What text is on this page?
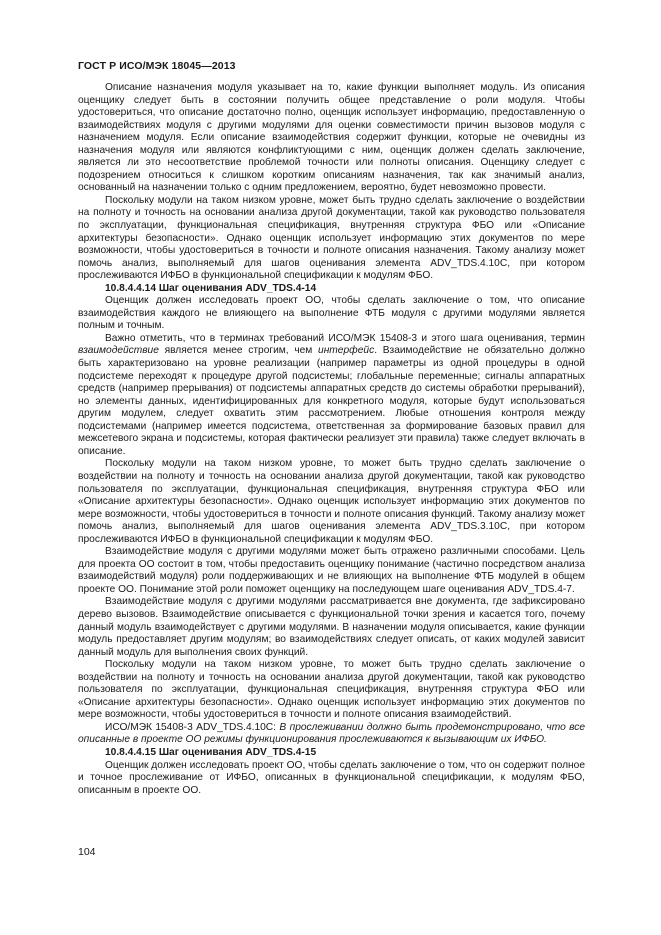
ГОСТ Р ИСО/МЭК 18045—2013

Описание назначения модуля указывает на то, какие функции выполняет модуль. Из описания оценщику следует быть в состоянии получить общее представление о роли модуля. Чтобы удостовериться, что описание достаточно полно, оценщик использует информацию, предоставленную о взаимодействиях модуля с другими модулями для оценки совместимости причин вызовов модуля с назначением модуля. Если описание взаимодействия содержит функции, которые не очевидны из назначения модуля или являются конфликтующими с ним, оценщик должен сделать заключение, является ли это несоответствие проблемой точности или полноты описания. Оценщику следует с подозрением относиться к слишком коротким описаниям назначения, так как значимый анализ, основанный на назначении только с одним предложением, вероятно, будет невозможно провести.

Поскольку модули на таком низком уровне, может быть трудно сделать заключение о воздействии на полноту и точность на основании анализа другой документации, такой как руководство пользователя по эксплуатации, функциональная спецификация, внутренняя структура ФБО или «Описание архитектуры безопасности». Однако оценщик использует информацию этих документов по мере возможности, чтобы удостовериться в точности и полноте описания назначения. Такому анализу может помочь анализ, выполняемый для шагов оценивания элемента ADV_TDS.4.10C, при котором прослеживаются ИФБО в функциональной спецификации к модулям ФБО.

10.8.4.4.14 Шаг оценивания ADV_TDS.4-14

Оценщик должен исследовать проект ОО, чтобы сделать заключение о том, что описание взаимодействия каждого не влияющего на выполнение ФТБ модуля с другими модулями является полным и точным.

Важно отметить, что в терминах требований ИСО/МЭК 15408-3 и этого шага оценивания, термин взаимодействие является менее строгим, чем интерфейс. Взаимодействие не обязательно должно быть характеризовано на уровне реализации (например параметры из одной процедуры в одной подсистеме переходят к процедуре другой подсистемы; глобальные переменные; сигналы аппаратных средств (например прерывания) от подсистемы аппаратных средств до системы обработки прерываний), но элементы данных, идентифицированных для конкретного модуля, которые будут использоваться другим модулем, следует охватить этим рассмотрением. Любые отношения контроля между подсистемами (например имеется подсистема, ответственная за формирование базовых правил для межсетевого экрана и подсистемы, которая фактически реализует эти правила) также следует включать в описание.

Поскольку модули на таком низком уровне, то может быть трудно сделать заключение о воздействии на полноту и точность на основании анализа другой документации, такой как руководство пользователя по эксплуатации, функциональная спецификация, внутренняя структура ФБО или «Описание архитектуры безопасности». Однако оценщик использует информацию этих документов по мере возможности, чтобы удостовериться в точности и полноте описания функций. Такому анализу может помочь анализ, выполняемый для шагов оценивания элемента ADV_TDS.3.10C, при котором прослеживаются ИФБО в функциональной спецификации к модулям ФБО.

Взаимодействие модуля с другими модулями может быть отражено различными способами. Цель для проекта ОО состоит в том, чтобы предоставить оценщику понимание (частично посредством анализа взаимодействий модуля) роли поддерживающих и не влияющих на выполнение ФТБ модулей в общем проекте ОО. Понимание этой роли поможет оценщику на последующем шаге оценивания ADV_TDS.4-7.

Взаимодействие модуля с другими модулями рассматривается вне документа, где зафиксировано дерево вызовов. Взаимодействие описывается с функциональной точки зрения и касается того, почему данный модуль взаимодействует с другими модулями. В назначении модуля описывается, какие функции модуль предоставляет другим модулям; во взаимодействиях следует описать, от каких модулей зависит данный модуль для выполнения своих функций.

Поскольку модули на таком низком уровне, то может быть трудно сделать заключение о воздействии на полноту и точность на основании анализа другой документации, такой как руководство пользователя по эксплуатации, функциональная спецификация, внутренняя структура ФБО или «Описание архитектуры безопасности». Однако оценщик использует информацию этих документов по мере возможности, чтобы удостовериться в точности и полноте описания взаимодействий.

ИСО/МЭК 15408-3 ADV_TDS.4.10C: В прослеживании должно быть продемонстрировано, что все описанные в проекте ОО режимы функционирования прослеживаются к вызывающим их ИФБО.

10.8.4.4.15 Шаг оценивания ADV_TDS.4-15

Оценщик должен исследовать проект ОО, чтобы сделать заключение о том, что он содержит полное и точное прослеживание от ИФБО, описанных в функциональной спецификации, к модулям ФБО, описанным в проекте ОО.

104
